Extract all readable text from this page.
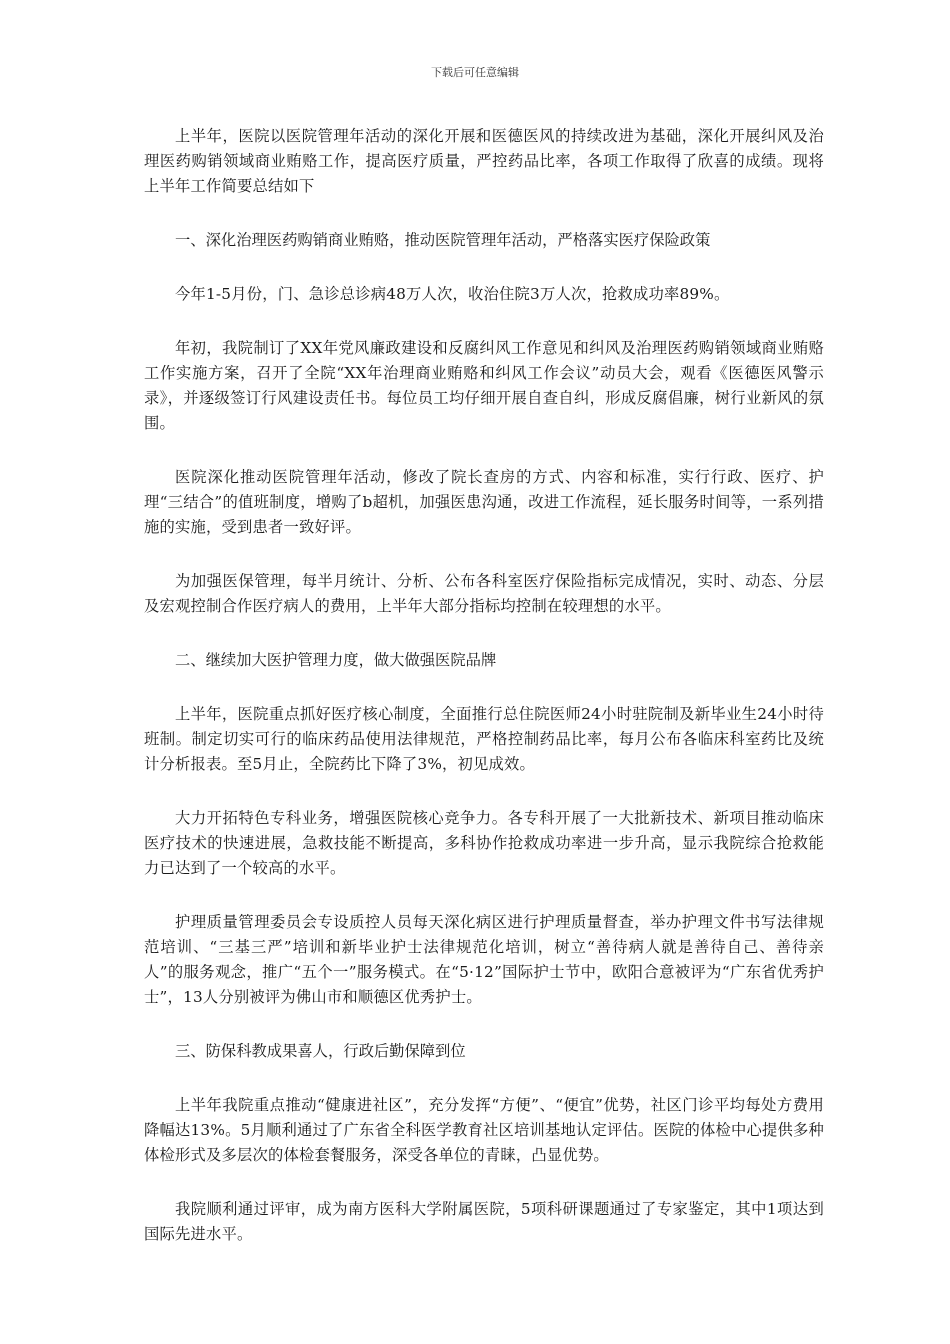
下载后可任意编辑

上半年，医院以医院管理年活动的深化开展和医德医风的持续改进为基础，深化开展纠风及治理医药购销领域商业贿赂工作，提高医疗质量，严控药品比率，各项工作取得了欣喜的成绩。现将上半年工作简要总结如下

一、深化治理医药购销商业贿赂，推动医院管理年活动，严格落实医疗保险政策

今年1-5月份，门、急诊总诊病48万人次，收治住院3万人次，抢救成功率89%。

年初，我院制订了XX年党风廉政建设和反腐纠风工作意见和纠风及治理医药购销领域商业贿赂工作实施方案，召开了全院“XX年治理商业贿赂和纠风工作会议”动员大会，观看《医德医风警示录》，并逐级签订行风建设责任书。每位员工均仔细开展自查自纠，形成反腐倡廉，树行业新风的氛围。

医院深化推动医院管理年活动，修改了院长查房的方式、内容和标准，实行行政、医疗、护理“三结合”的值班制度，增购了b超机，加强医患沟通，改进工作流程，延长服务时间等，一系列措施的实施，受到患者一致好评。

为加强医保管理，每半月统计、分析、公布各科室医疗保险指标完成情况，实时、动态、分层及宏观控制合作医疗病人的费用，上半年大部分指标均控制在较理想的水平。

二、继续加大医护管理力度，做大做强医院品牌

上半年，医院重点抓好医疗核心制度，全面推行总住院医师24小时驻院制及新毕业生24小时待班制。制定切实可行的临床药品使用法律规范，严格控制药品比率，每月公布各临床科室药比及统计分析报表。至5月止，全院药比下降了3%，初见成效。

大力开拓特色专科业务，增强医院核心竞争力。各专科开展了一大批新技术、新项目推动临床医疗技术的快速进展，急救技能不断提高，多科协作抢救成功率进一步升高，显示我院综合抢救能力已达到了一个较高的水平。

护理质量管理委员会专设质控人员每天深化病区进行护理质量督查，举办护理文件书写法律规范培训、“三基三严”培训和新毕业护士法律规范化培训，树立“善待病人就是善待自己、善待亲人”的服务观念，推广“五个一”服务模式。在“5·12”国际护士节中，欧阳合意被评为“广东省优秀护士”，13人分别被评为佛山市和顺德区优秀护士。

三、防保科教成果喜人，行政后勤保障到位

上半年我院重点推动“健康进社区”，充分发挥“方便”、“便宜”优势，社区门诊平均每处方费用降幅达13%。5月顺利通过了广东省全科医学教育社区培训基地认定评估。医院的体检中心提供多种体检形式及多层次的体检套餐服务，深受各单位的青睐，凸显优势。

我院顺利通过评审，成为南方医科大学附属医院，5项科研课题通过了专家鉴定，其中1项达到国际先进水平。
